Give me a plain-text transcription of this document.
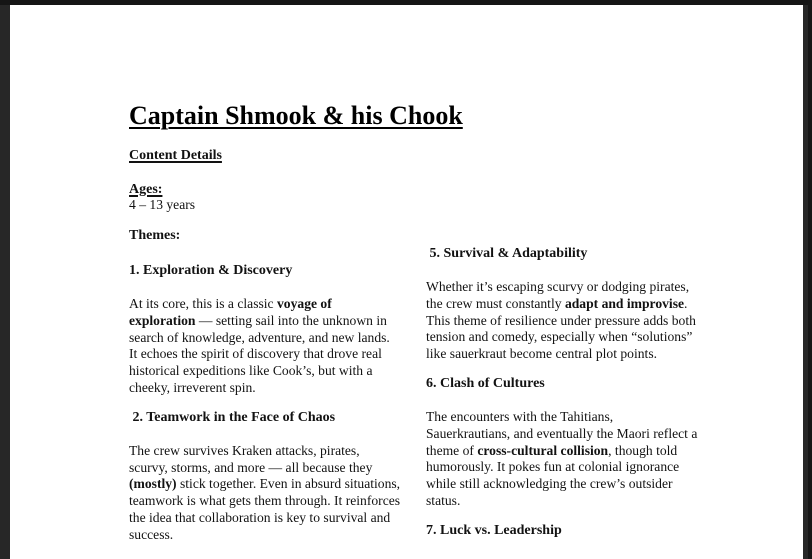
Captain Shmook & his Chook
Content Details
Ages:

4 – 13 years

Themes:
1. Exploration & Discovery

At its core, this is a classic voyage of exploration — setting sail into the unknown in search of knowledge, adventure, and new lands. It echoes the spirit of discovery that drove real historical expeditions like Cook’s, but with a cheeky, irreverent spin.

2. Teamwork in the Face of Chaos

The crew survives Kraken attacks, pirates, scurvy, storms, and more — all because they (mostly) stick together. Even in absurd situations, teamwork is what gets them through. It reinforces the idea that collaboration is key to survival and success.

5. Survival & Adaptability

Whether it’s escaping scurvy or dodging pirates, the crew must constantly adapt and improvise. This theme of resilience under pressure adds both tension and comedy, especially when “solutions” like sauerkraut become central plot points.

6. Clash of Cultures

The encounters with the Tahitians, Sauerkrautians, and eventually the Maori reflect a theme of cross-cultural collision, though told humorously. It pokes fun at colonial ignorance while still acknowledging the crew’s outsider status.

7. Luck vs. Leadership
